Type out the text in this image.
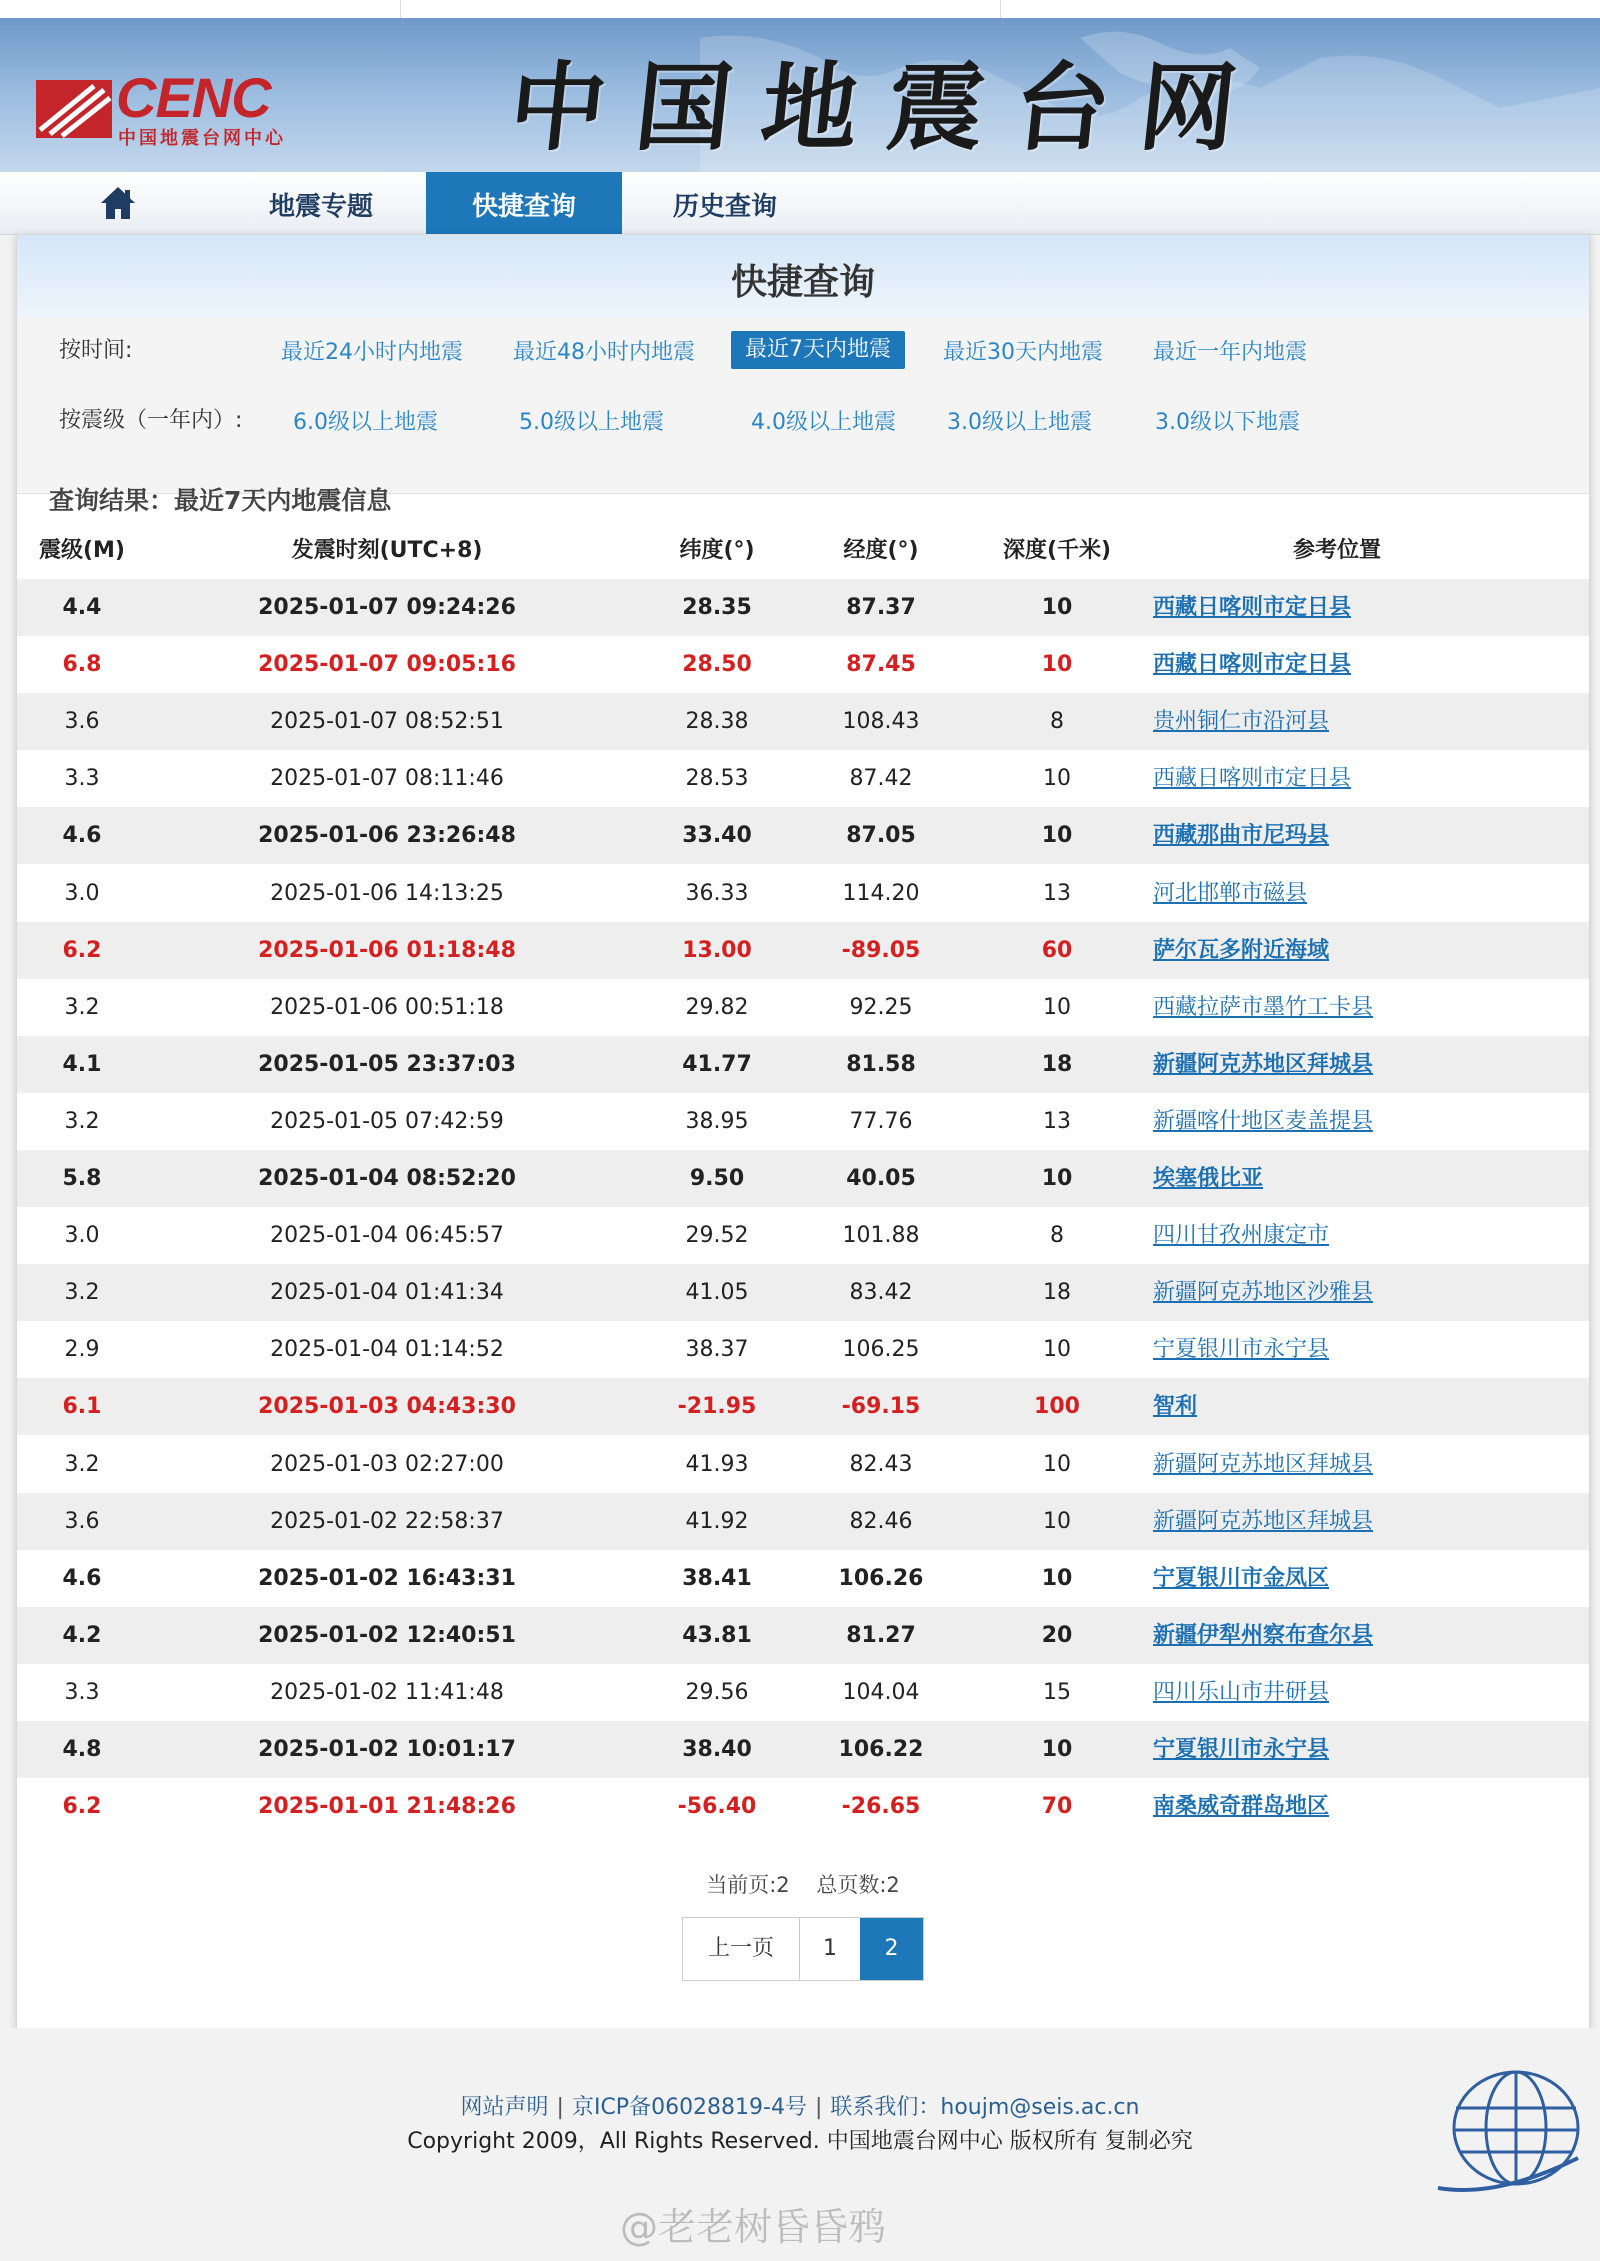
CENC
中国地震台网中心 中国地震台网
地震专题	快捷查询	历史查询
快捷查询
按时间:	最近24小时内地震 最近48小时内地震	最近7天内地震	最近30天内地震 最近一年内地震
按震级（一年内）: 6.0级以上地震	5.0级以上地震	4.0级以上地震 3.0级以上地震	3.0级以下地震
查询结果：最近7天内地震信息
震级(M)	发震时刻(UTC+8)	纬度(°)	经度(°)	深度(千米)	参考位置
4.4	2025-01-07 09:24:26	28.35	87.37	10	西藏日喀则市定日县
6.8	2025-01-07 09:05:16	28.50	87.45	10	西藏日喀则市定日县
3.6	2025-01-07 08:52:51	28.38	108.43	8	贵州铜仁市沿河县
3.3	2025-01-07 08:11:46	28.53	87.42	10	西藏日喀则市定日县
4.6	2025-01-06 23:26:48	33.40	87.05	10	西藏那曲市尼玛县
3.0	2025-01-06 14:13:25	36.33	114.20	13	河北邯郸市磁县
6.2	2025-01-06 01:18:48	13.00	-89.05	60	萨尔瓦多附近海域
3.2	2025-01-06 00:51:18	29.82	92.25	10	西藏拉萨市墨竹工卡县
4.1	2025-01-05 23:37:03	41.77	81.58	18	新疆阿克苏地区拜城县
3.2	2025-01-05 07:42:59	38.95	77.76	13	新疆喀什地区麦盖提县
5.8	2025-01-04 08:52:20	9.50	40.05	10	埃塞俄比亚
3.0	2025-01-04 06:45:57	29.52	101.88	8	四川甘孜州康定市
3.2	2025-01-04 01:41:34	41.05	83.42	18	新疆阿克苏地区沙雅县
2.9	2025-01-04 01:14:52	38.37	106.25	10	宁夏银川市永宁县
6.1	2025-01-03 04:43:30	-21.95	-69.15	100	智利
3.2	2025-01-03 02:27:00	41.93	82.43	10	新疆阿克苏地区拜城县
3.6	2025-01-02 22:58:37	41.92	82.46	10	新疆阿克苏地区拜城县
4.6	2025-01-02 16:43:31	38.41	106.26	10	宁夏银川市金凤区
4.2	2025-01-02 12:40:51	43.81	81.27	20	新疆伊犁州察布查尔县
3.3	2025-01-02 11:41:48	29.56	104.04	15	四川乐山市井研县
4.8	2025-01-02 10:01:17	38.40	106.22	10	宁夏银川市永宁县
6.2	2025-01-01 21:48:26	-56.40	-26.65	70	南桑威奇群岛地区
当前页:2    总页数:2
上一页	1	2
网站声明 | 京ICP备06028819-4号 | 联系我们：houjm@seis.ac.cn
Copyright 2009，All Rights Reserved. 中国地震台网中心 版权所有 复制必究
@老老树昏昏鸦
